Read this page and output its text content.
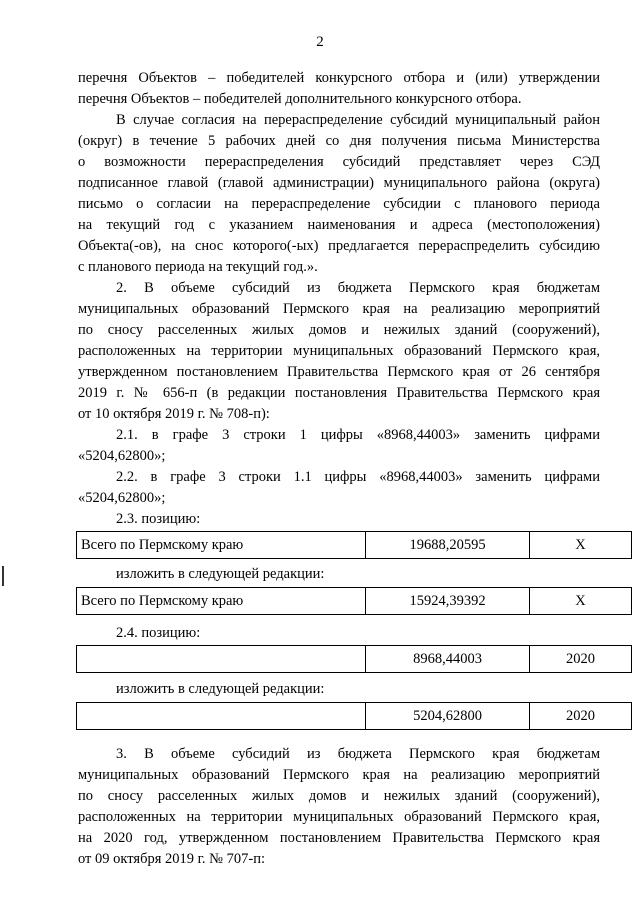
2
перечня Объектов – победителей конкурсного отбора и (или) утверждении
перечня Объектов – победителей дополнительного конкурсного отбора.
В случае согласия на перераспределение субсидий муниципальный район
(округ) в течение 5 рабочих дней со дня получения письма Министерства
о возможности перераспределения субсидий представляет через СЭД
подписанное главой (главой администрации) муниципального района (округа)
письмо о согласии на перераспределение субсидии с планового периода
на текущий год с указанием наименования и адреса (местоположения)
Объекта(-ов), на снос которого(-ых) предлагается перераспределить субсидию
с планового периода на текущий год.».
2. В объеме субсидий из бюджета Пермского края бюджетам
муниципальных образований Пермского края на реализацию мероприятий
по сносу расселенных жилых домов и нежилых зданий (сооружений),
расположенных на территории муниципальных образований Пермского края,
утвержденном постановлением Правительства Пермского края от 26 сентября
2019 г. № 656-п (в редакции постановления Правительства Пермского края
от 10 октября 2019 г. № 708-п):
2.1. в графе 3 строки 1 цифры «8968,44003» заменить цифрами
«5204,62800»;
2.2. в графе 3 строки 1.1 цифры «8968,44003» заменить цифрами
«5204,62800»;
2.3. позицию:
Всего по Пермскому краю	19688,20595	Х
изложить в следующей редакции:
Всего по Пермскому краю	15924,39392	Х
2.4. позицию:
	8968,44003	2020
изложить в следующей редакции:
	5204,62800	2020
3. В объеме субсидий из бюджета Пермского края бюджетам
муниципальных образований Пермского края на реализацию мероприятий
по сносу расселенных жилых домов и нежилых зданий (сооружений),
расположенных на территории муниципальных образований Пермского края,
на 2020 год, утвержденном постановлением Правительства Пермского края
от 09 октября 2019 г. № 707-п:
